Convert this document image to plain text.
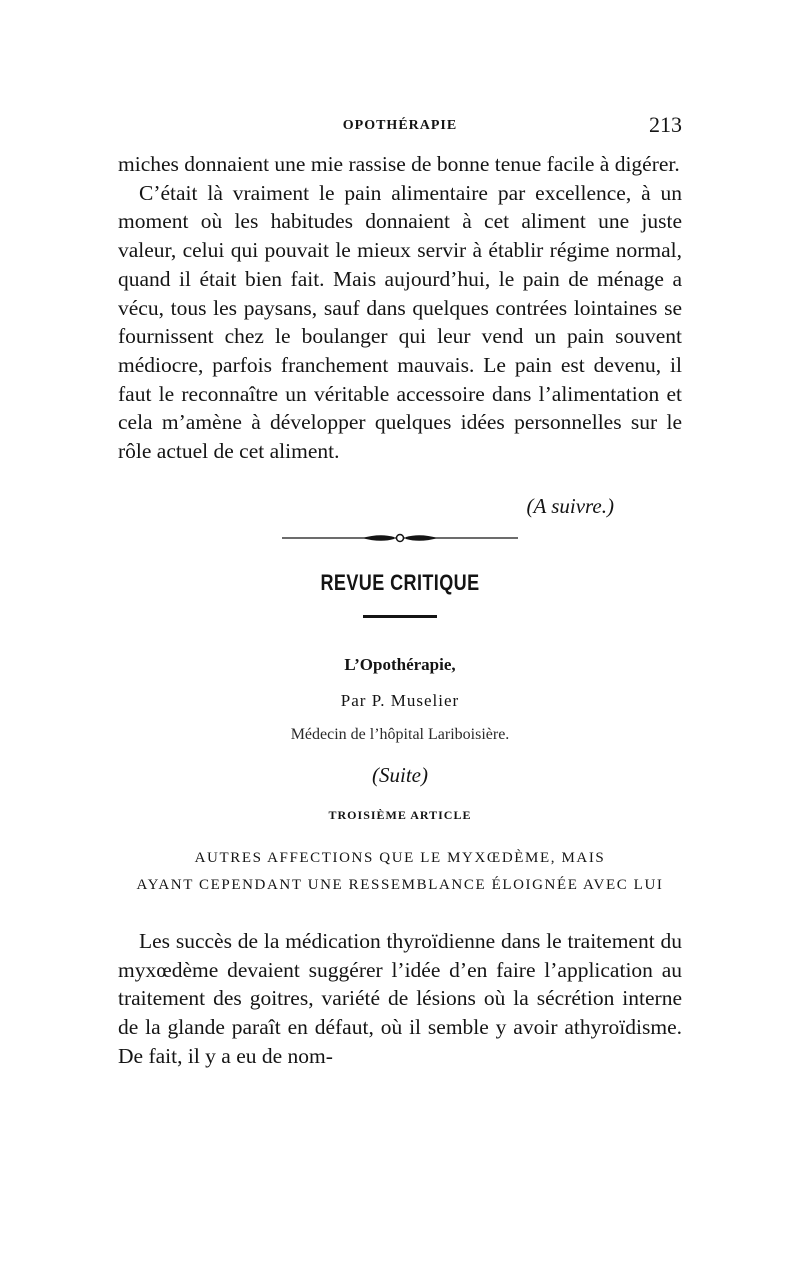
OPOTHÉRAPIE	213

miches donnaient une mie rassise de bonne tenue facile à digérer.

C’était là vraiment le pain alimentaire par excellence, à un moment où les habitudes donnaient à cet aliment une juste valeur, celui qui pouvait le mieux servir à établir régime normal, quand il était bien fait. Mais aujourd’hui, le pain de ménage a vécu, tous les paysans, sauf dans quelques contrées lointaines se fournissent chez le boulanger qui leur vend un pain souvent médiocre, parfois franchement mauvais. Le pain est devenu, il faut le reconnaître un véritable accessoire dans l’alimentation et cela m’amène à développer quelques idées personnelles sur le rôle actuel de cet aliment.

(A suivre.)
REVUE CRITIQUE
L’Opothérapie,
Par P. Muselier
Médecin de l’hôpital Lariboisière.
(Suite)
TROISIÈME ARTICLE
AUTRES AFFECTIONS QUE LE MYXŒDÈME, MAIS
AYANT CEPENDANT UNE RESSEMBLANCE ÉLOIGNÉE AVEC LUI

Les succès de la médication thyroïdienne dans le traitement du myxœdème devaient suggérer l’idée d’en faire l’application au traitement des goitres, variété de lésions où la sécrétion interne de la glande paraît en défaut, où il semble y avoir athyroïdisme. De fait, il y a eu de nom-
